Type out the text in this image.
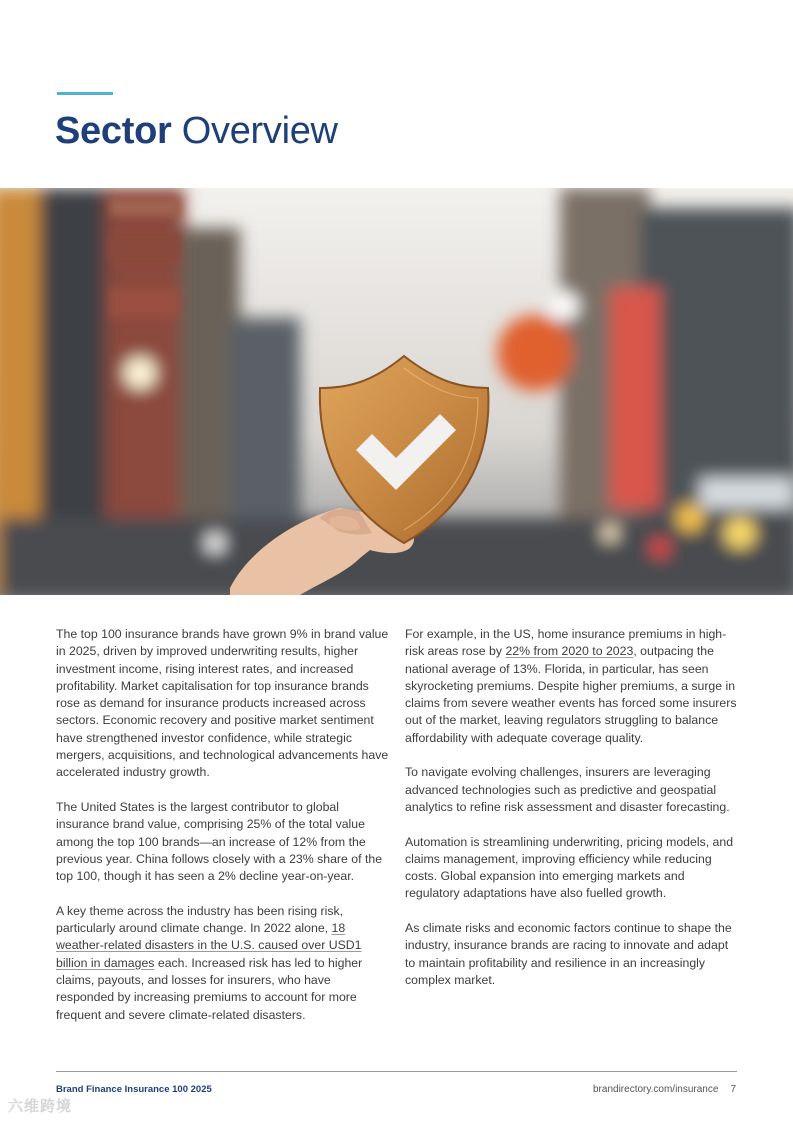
Sector Overview

The top 100 insurance brands have grown 9% in brand value in 2025, driven by improved underwriting results, higher investment income, rising interest rates, and increased profitability. Market capitalisation for top insurance brands rose as demand for insurance products increased across sectors. Economic recovery and positive market sentiment have strengthened investor confidence, while strategic mergers, acquisitions, and technological advancements have accelerated industry growth.

The United States is the largest contributor to global insurance brand value, comprising 25% of the total value among the top 100 brands—an increase of 12% from the previous year. China follows closely with a 23% share of the top 100, though it has seen a 2% decline year-on-year.

A key theme across the industry has been rising risk, particularly around climate change. In 2022 alone, 18 weather-related disasters in the U.S. caused over USD1 billion in damages each. Increased risk has led to higher claims, payouts, and losses for insurers, who have responded by increasing premiums to account for more frequent and severe climate-related disasters.

For example, in the US, home insurance premiums in high-risk areas rose by 22% from 2020 to 2023, outpacing the national average of 13%. Florida, in particular, has seen skyrocketing premiums. Despite higher premiums, a surge in claims from severe weather events has forced some insurers out of the market, leaving regulators struggling to balance affordability with adequate coverage quality.

To navigate evolving challenges, insurers are leveraging advanced technologies such as predictive and geospatial analytics to refine risk assessment and disaster forecasting.

Automation is streamlining underwriting, pricing models, and claims management, improving efficiency while reducing costs. Global expansion into emerging markets and regulatory adaptations have also fuelled growth.

As climate risks and economic factors continue to shape the industry, insurance brands are racing to innovate and adapt to maintain profitability and resilience in an increasingly complex market.

Brand Finance Insurance 100 2025	brandirectory.com/insurance 7
六维跨境
